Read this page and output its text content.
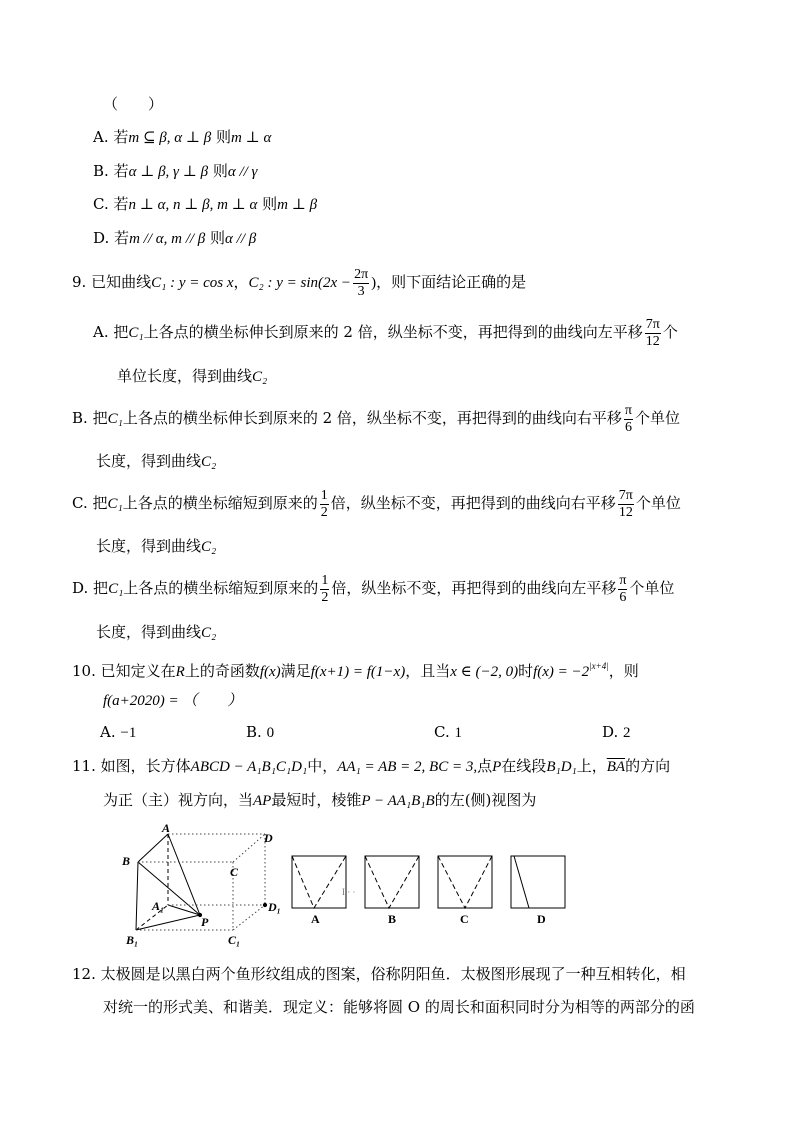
（　　）
A. 若m ⊆ β, α ⊥ β 则m ⊥ α
B. 若α ⊥ β, γ ⊥ β 则α // γ
C. 若n ⊥ α, n ⊥ β, m ⊥ α 则m ⊥ β
D. 若m // α, m // β 则α // β
9. 已知曲线C₁ : y = cos x，C₂ : $y = \sin(2x - \frac{2\pi}{3}$ )，则下面结论正确的是
A. 把C₁上各点的横坐标伸长到原来的 2 倍，纵坐标不变，再把得到的曲线向左平移 $\frac{7\pi}{12}$ 个
单位长度，得到曲线C₂
B. 把C₁上各点的横坐标伸长到原来的 2 倍，纵坐标不变，再把得到的曲线向右平移 $\frac{\pi}{6}$ 个单位
长度，得到曲线C₂
C. 把C₁上各点的横坐标缩短到原来的 $\frac{1}{2}$ 倍，纵坐标不变，再把得到的曲线向右平移 $\frac{7\pi}{12}$ 个单位
长度，得到曲线C₂
D. 把C₁上各点的横坐标缩短到原来的 $\frac{1}{2}$ 倍，纵坐标不变，再把得到的曲线向左平移 $\frac{\pi}{6}$ 个单位
长度，得到曲线C₂
10. 已知定义在R上的奇函数f(x)满足f(x+1) = f(1−x)，且当x ∈ (−2, 0)时$f(x) = -2^{|x+4|}$，则
f(a+2020) = （　　）
A. −1	B. 0	C. 1	D. 2
11. 如图，长方体ABCD − A₁B₁C₁D₁中，AA₁ = AB = 2, BC = 3,点P在线段B₁D₁上，$\overline{BA}$的方向
为正（主）视方向，当AP最短时，棱锥P − AA₁B₁B的左(侧)视图为
A
B
D
C
A₁
P
D₁
B₁	C₁
I · ·
A	B	C	D
12. 太极圆是以黑白两个鱼形纹组成的图案，俗称阴阳鱼．太极图形展现了一种互相转化，相
对统一的形式美、和谐美．现定义：能够将圆 O 的周长和面积同时分为相等的两部分的函
